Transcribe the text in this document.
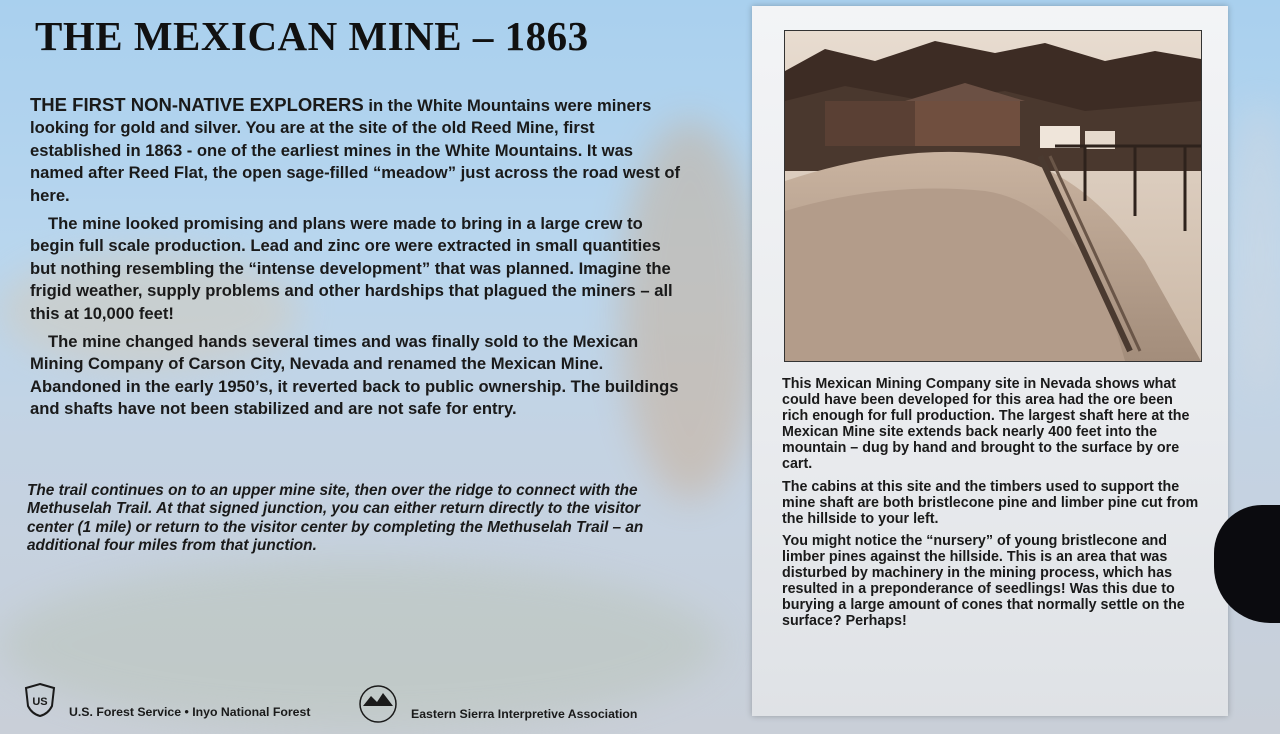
THE MEXICAN MINE – 1863

THE FIRST NON-NATIVE EXPLORERS in the White Mountains were miners looking for gold and silver. You are at the site of the old Reed Mine, first established in 1863 - one of the earliest mines in the White Mountains. It was named after Reed Flat, the open sage-filled “meadow” just across the road west of here.

The mine looked promising and plans were made to bring in a large crew to begin full scale production. Lead and zinc ore were extracted in small quantities but nothing resembling the “intense development” that was planned. Imagine the frigid weather, supply problems and other hardships that plagued the miners – all this at 10,000 feet!

The mine changed hands several times and was finally sold to the Mexican Mining Company of Carson City, Nevada and renamed the Mexican Mine. Abandoned in the early 1950’s, it reverted back to public ownership. The buildings and shafts have not been stabilized and are not safe for entry.

The trail continues on to an upper mine site, then over the ridge to connect with the Methuselah Trail. At that signed junction, you can either return directly to the visitor center (1 mile) or return to the visitor center by completing the Methuselah Trail – an additional four miles from that junction.

This Mexican Mining Company site in Nevada shows what could have been developed for this area had the ore been rich enough for full production. The largest shaft here at the Mexican Mine site extends back nearly 400 feet into the mountain – dug by hand and brought to the surface by ore cart.

The cabins at this site and the timbers used to support the mine shaft are both bristlecone pine and limber pine cut from the hillside to your left.

You might notice the “nursery” of young bristlecone and limber pines against the hillside. This is an area that was disturbed by machinery in the mining process, which has resulted in a preponderance of seedlings! Was this due to burying a large amount of cones that normally settle on the surface? Perhaps!

US
U.S. Forest Service • Inyo National Forest	Eastern Sierra Interpretive Association
